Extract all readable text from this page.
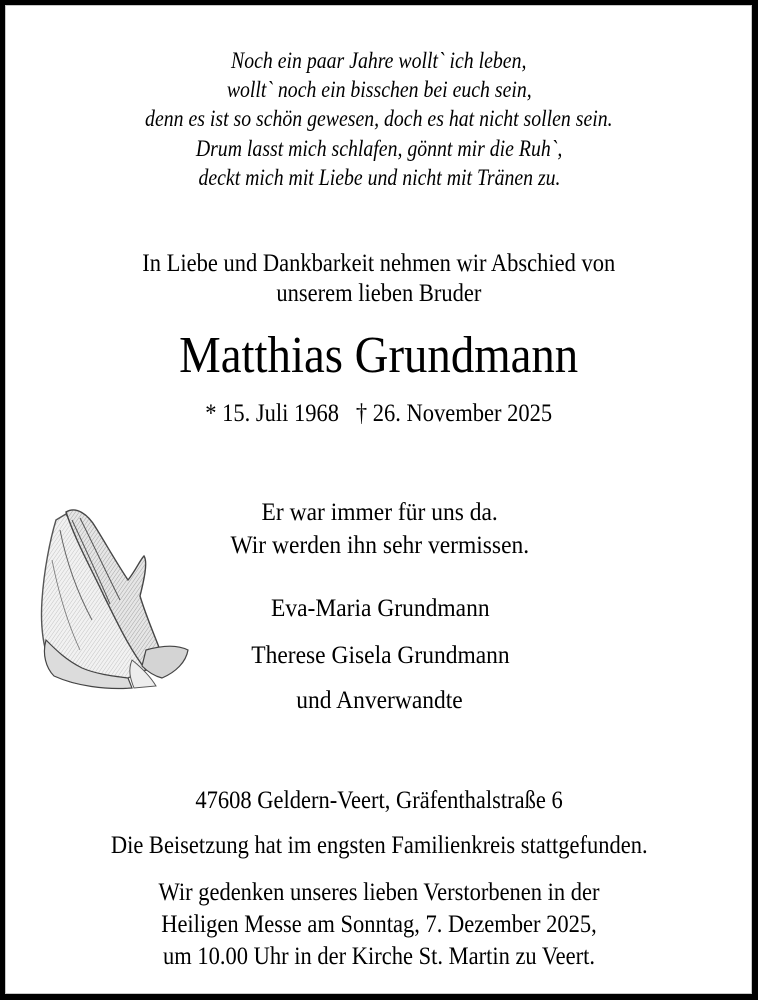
Noch ein paar Jahre wollt` ich leben,
wollt` noch ein bisschen bei euch sein,
denn es ist so schön gewesen, doch es hat nicht sollen sein.
Drum lasst mich schlafen, gönnt mir die Ruh`,
deckt mich mit Liebe und nicht mit Tränen zu.
In Liebe und Dankbarkeit nehmen wir Abschied von
unserem lieben Bruder
Matthias Grundmann
* 15. Juli 1968 † 26. November 2025
Er war immer für uns da.
Wir werden ihn sehr vermissen.
Eva-Maria Grundmann
Therese Gisela Grundmann
und Anverwandte
47608 Geldern-Veert, Gräfenthalstraße 6
Die Beisetzung hat im engsten Familienkreis stattgefunden.
Wir gedenken unseres lieben Verstorbenen in der
Heiligen Messe am Sonntag, 7. Dezember 2025,
um 10.00 Uhr in der Kirche St. Martin zu Veert.
